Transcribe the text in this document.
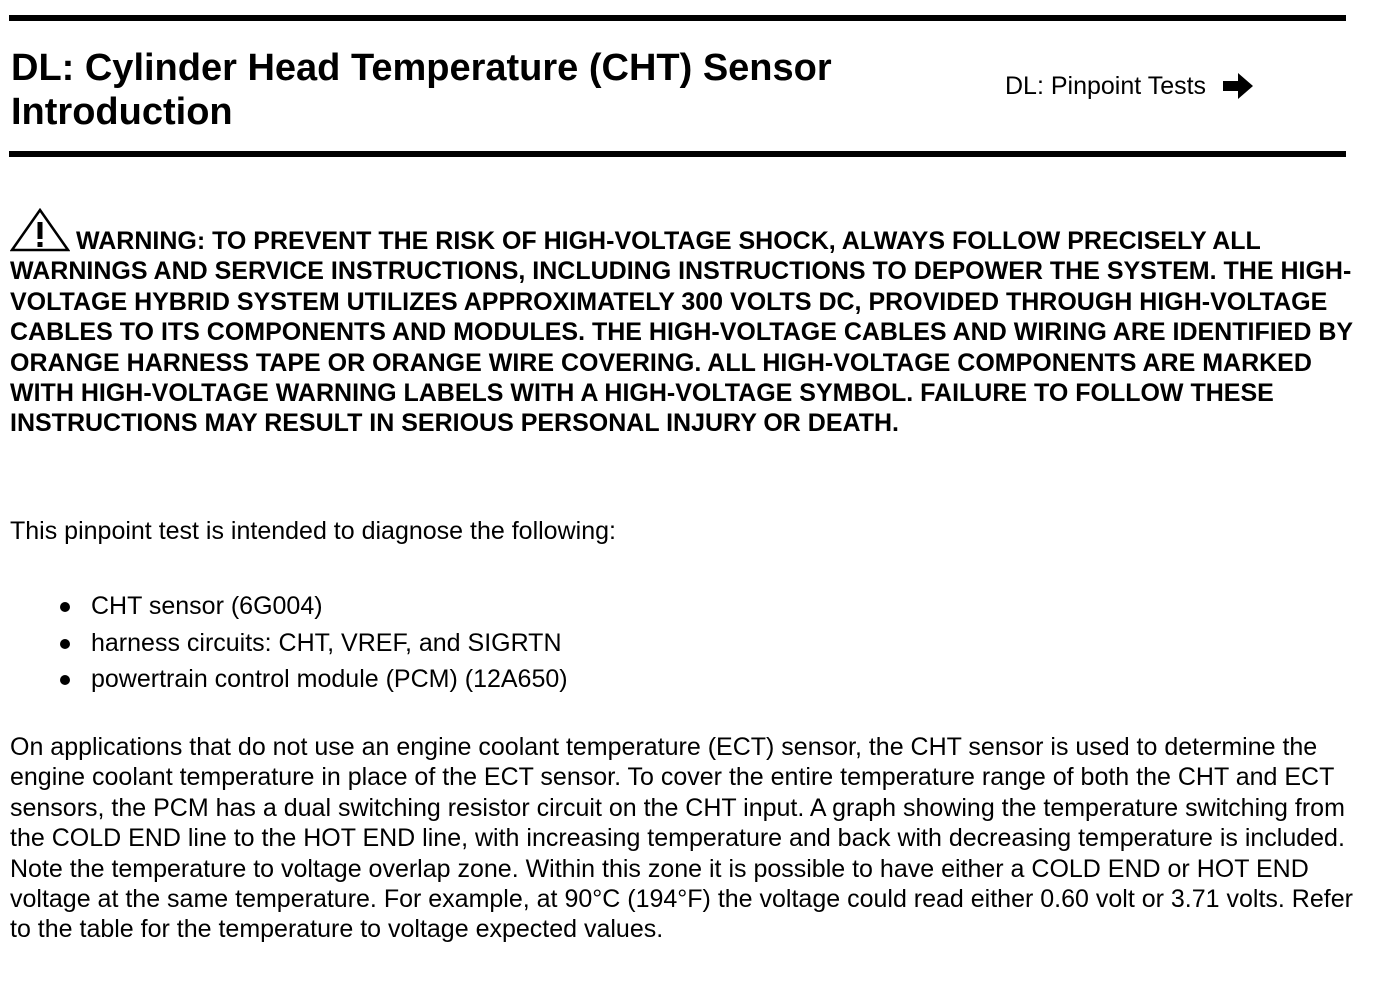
DL: Cylinder Head Temperature (CHT) Sensor
Introduction
DL: Pinpoint Tests

WARNING: TO PREVENT THE RISK OF HIGH-VOLTAGE SHOCK, ALWAYS FOLLOW PRECISELY ALL WARNINGS AND SERVICE INSTRUCTIONS, INCLUDING INSTRUCTIONS TO DEPOWER THE SYSTEM. THE HIGH-VOLTAGE HYBRID SYSTEM UTILIZES APPROXIMATELY 300 VOLTS DC, PROVIDED THROUGH HIGH-VOLTAGE CABLES TO ITS COMPONENTS AND MODULES. THE HIGH-VOLTAGE CABLES AND WIRING ARE IDENTIFIED BY ORANGE HARNESS TAPE OR ORANGE WIRE COVERING. ALL HIGH-VOLTAGE COMPONENTS ARE MARKED WITH HIGH-VOLTAGE WARNING LABELS WITH A HIGH-VOLTAGE SYMBOL. FAILURE TO FOLLOW THESE INSTRUCTIONS MAY RESULT IN SERIOUS PERSONAL INJURY OR DEATH.

This pinpoint test is intended to diagnose the following:

CHT sensor (6G004)
harness circuits: CHT, VREF, and SIGRTN
powertrain control module (PCM) (12A650)

On applications that do not use an engine coolant temperature (ECT) sensor, the CHT sensor is used to determine the engine coolant temperature in place of the ECT sensor. To cover the entire temperature range of both the CHT and ECT sensors, the PCM has a dual switching resistor circuit on the CHT input. A graph showing the temperature switching from the COLD END line to the HOT END line, with increasing temperature and back with decreasing temperature is included. Note the temperature to voltage overlap zone. Within this zone it is possible to have either a COLD END or HOT END voltage at the same temperature. For example, at 90°C (194°F) the voltage could read either 0.60 volt or 3.71 volts. Refer to the table for the temperature to voltage expected values.
